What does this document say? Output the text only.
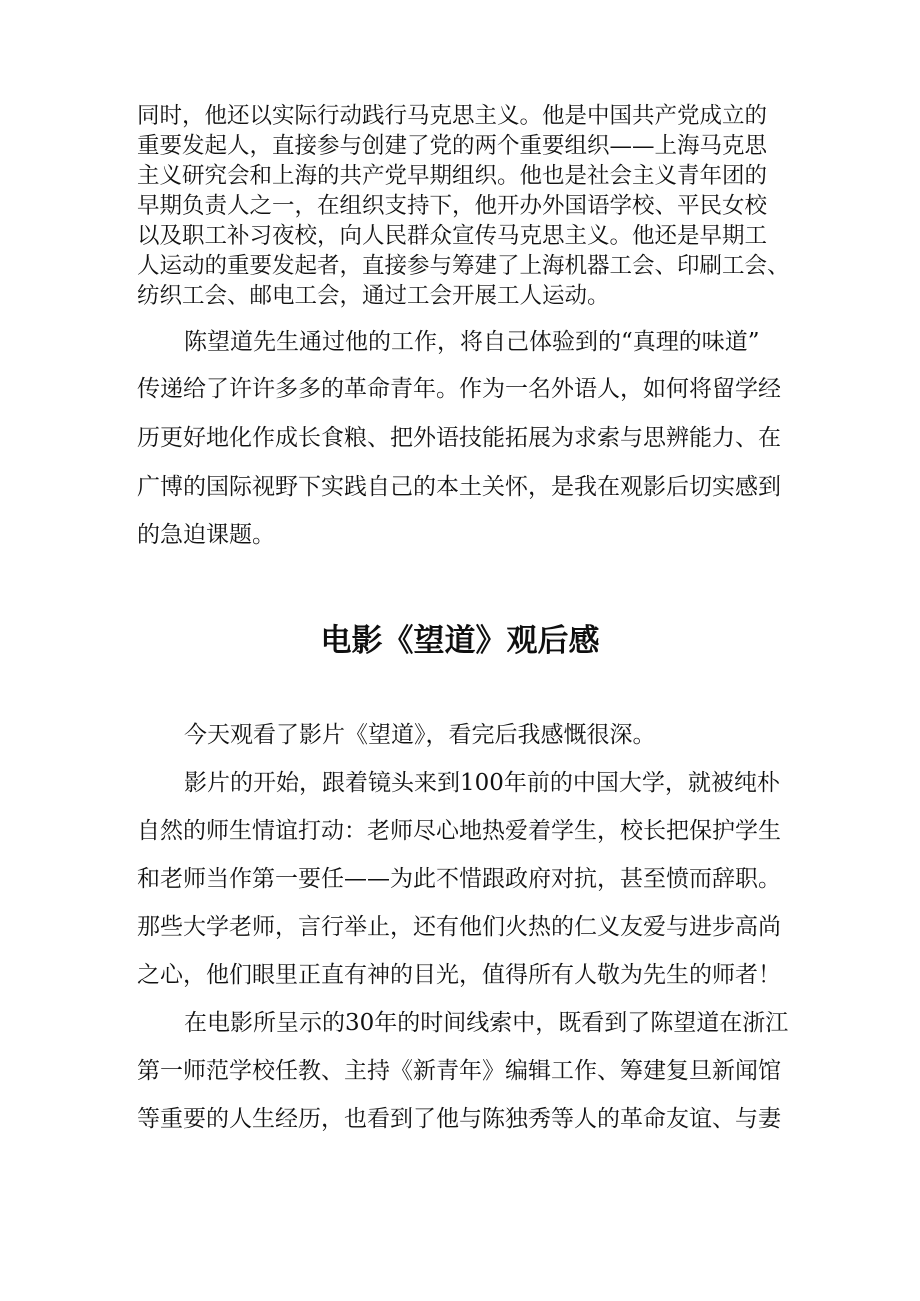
同时，他还以实际行动践行马克思主义。他是中国共产党成立的
重要发起人，直接参与创建了党的两个重要组织——上海马克思
主义研究会和上海的共产党早期组织。他也是社会主义青年团的
早期负责人之一，在组织支持下，他开办外国语学校、平民女校
以及职工补习夜校，向人民群众宣传马克思主义。他还是早期工
人运动的重要发起者，直接参与筹建了上海机器工会、印刷工会、
纺织工会、邮电工会，通过工会开展工人运动。
陈望道先生通过他的工作，将自己体验到的“真理的味道”
传递给了许许多多的革命青年。作为一名外语人，如何将留学经
历更好地化作成长食粮、把外语技能拓展为求索与思辨能力、在
广博的国际视野下实践自己的本土关怀，是我在观影后切实感到
的急迫课题。
电影《望道》观后感
今天观看了影片《望道》，看完后我感慨很深。
影片的开始，跟着镜头来到100年前的中国大学，就被纯朴
自然的师生情谊打动：老师尽心地热爱着学生，校长把保护学生
和老师当作第一要任——为此不惜跟政府对抗，甚至愤而辞职。
那些大学老师，言行举止，还有他们火热的仁义友爱与进步高尚
之心，他们眼里正直有神的目光，值得所有人敬为先生的师者！
在电影所呈示的30年的时间线索中，既看到了陈望道在浙江
第一师范学校任教、主持《新青年》编辑工作、筹建复旦新闻馆
等重要的人生经历，也看到了他与陈独秀等人的革命友谊、与妻
